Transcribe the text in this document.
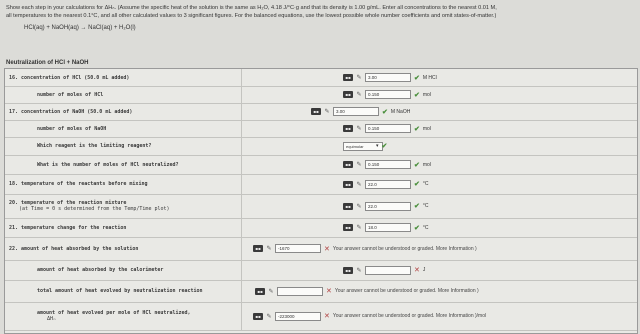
Show each step in your calculations for ΔHₙ. (Assume the specific heat of the solution is the same as H₂O, 4.18 J/°C·g and that its density is 1.00 g/mL. Enter all concentrations to the nearest 0.01 M,

all temperatures to the nearest 0.1°C, and all other calculated values to 3 significant figures. For the balanced equations, use the lowest possible whole number coefficients and omit states-of-matter.)

HCl(aq) + NaOH(aq) → NaCl(aq) + H₂O(l)

Neutralization of HCl + NaOH
16. concentration of HCl (50.0 mL added)	▪▪ ✎	3.00	✔ M HCl
number of moles of HCl	▪▪ ✎	0.150	✔ mol
17. concentration of NaOH (50.0 mL added)	▪▪ ✎	3.00	✔ M NaOH
number of moles of NaOH	▪▪ ✎	0.150	✔ mol
Which reagent is the limiting reagent?	equimolar	▾ ✔
What is the number of moles of HCl neutralized?	▪▪ ✎	0.150	✔ mol
18. temperature of the reactants before mixing	▪▪ ✎	22.0	✔ °C
20. temperature of the reaction mixture
(at Time = 0 s determined from the Temp/Time plot)	▪▪ ✎	22.0	✔ °C
21. temperature change for the reaction	▪▪ ✎	18.0	✔ °C
22. amount of heat absorbed by the solution	▪▪ ✎	-1670	✕ Your answer cannot be understood or graded. More Information )
amount of heat absorbed by the calorimeter	▪▪ ✎	✕ J
total amount of heat evolved by neutralization reaction	▪▪ ✎	✕ Your answer cannot be understood or graded. More Information )
amount of heat evolved per mole of HCl neutralized,
ΔHₙ	▪▪ ✎	-223000	✕ Your answer cannot be understood or graded. More Information )/mol
